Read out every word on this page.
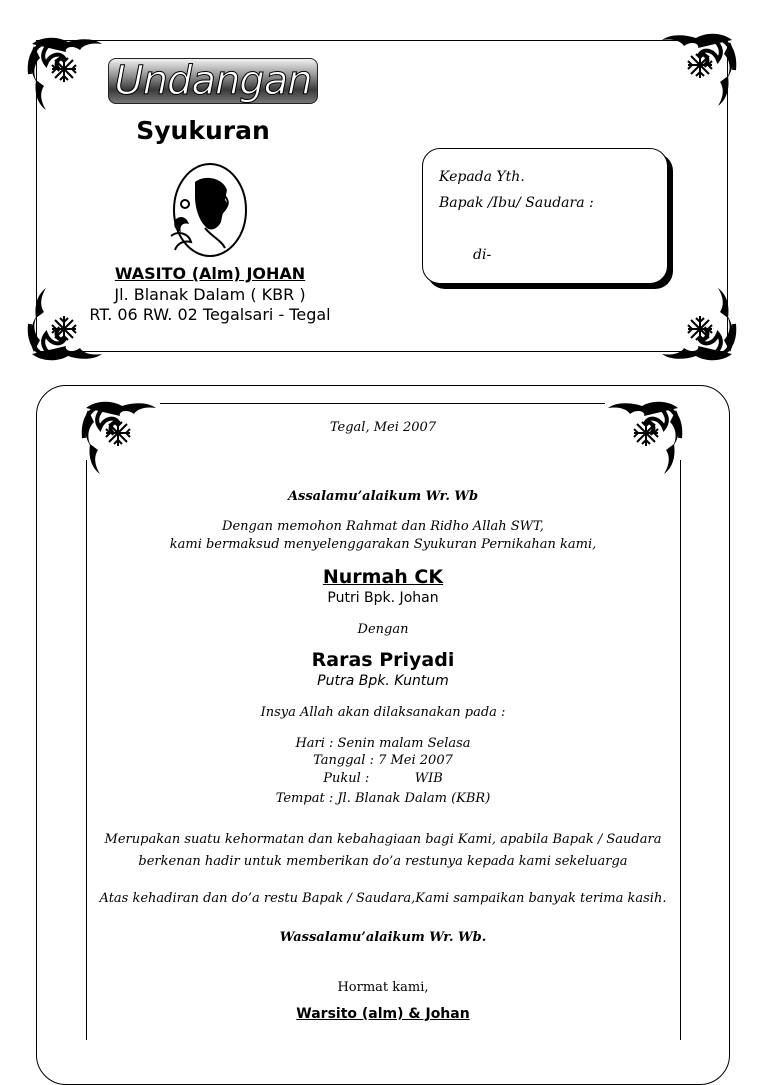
Undangan
Syukuran
WASITO (Alm) JOHAN
Jl. Blanak Dalam ( KBR )
RT. 06 RW. 02 Tegalsari - Tegal
Kepada Yth.
Bapak /Ibu/ Saudara :
di-
Tegal, Mei 2007
Assalamu’alaikum Wr. Wb
Dengan memohon Rahmat dan Ridho Allah SWT,
kami bermaksud menyelenggarakan Syukuran Pernikahan kami,
Nurmah CK
Putri Bpk. Johan
Dengan
Raras Priyadi
Putra Bpk. Kuntum
Insya Allah akan dilaksanakan pada :
Hari : Senin malam Selasa
Tanggal : 7 Mei 2007
Pukul :           WIB
Tempat : Jl. Blanak Dalam (KBR)
Merupakan suatu kehormatan dan kebahagiaan bagi Kami, apabila Bapak / Saudara
berkenan hadir untuk memberikan do’a restunya kepada kami sekeluarga
Atas kehadiran dan do’a restu Bapak / Saudara,Kami sampaikan banyak terima kasih.
Wassalamu’alaikum Wr. Wb.
Hormat kami,
Warsito (alm) & Johan
